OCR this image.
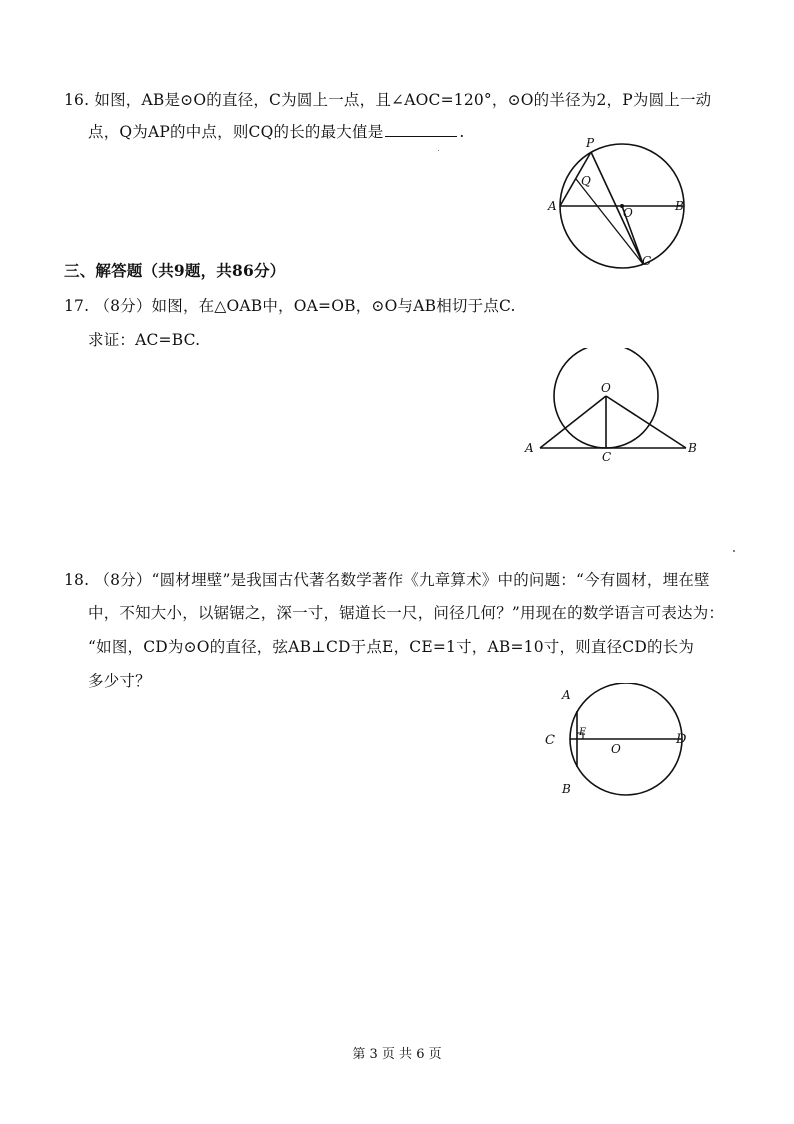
16. 如图，AB是⊙O的直径，C为圆上一点，且∠AOC=120°，⊙O的半径为2，P为圆上一动
点，Q为AP的中点，则CQ的长的最大值是	.
P
Q
A	O	B
C
三、解答题（共9题，共86分）
17. （8分）如图，在△OAB中，OA=OB，⊙O与AB相切于点C.
求证：AC=BC.
O
A
C
B
18. （8分）“圆材埋壁”是我国古代著名数学著作《九章算术》中的问题：“今有圆材，埋在壁
中，不知大小，以锯锯之，深一寸，锯道长一尺，问径几何？”用现在的数学语言可表达为：
“如图，CD为⊙O的直径，弦AB⊥CD于点E，CE=1寸，AB=10寸，则直径CD的长为
多少寸？
A
C
E
O
D
B
第 3 页 共 6 页
